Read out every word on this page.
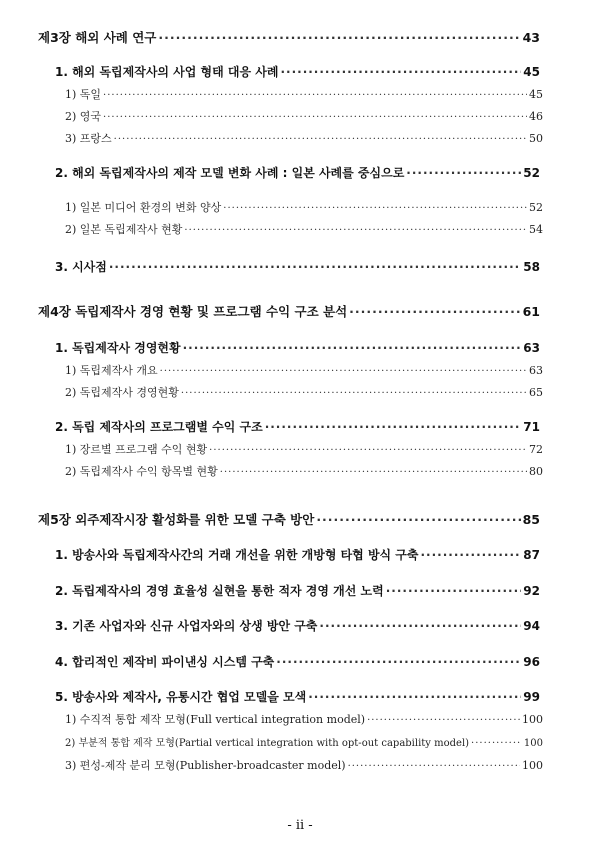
제3장 해외 사례 연구 ·····	43
1. 해외 독립제작사의 사업 형태 대응 사례 ·····	45
1) 독일 ·····	45
2) 영국 ·····	46
3) 프랑스 ·····	50
2. 해외 독립제작사의 제작 모델 변화 사례 : 일본 사례를 중심으로 ·····	52
1) 일본 미디어 환경의 변화 양상 ·····	52
2) 일본 독립제작사 현황 ·····	54
3. 시사점 ·····	58
제4장 독립제작사 경영 현황 및 프로그램 수익 구조 분석 ·····	61
1. 독립제작사 경영현황 ·····	63
1) 독립제작사 개요 ·····	63
2) 독립제작사 경영현황 ·····	65
2. 독립 제작사의 프로그램별 수익 구조 ·····	71
1) 장르별 프로그램 수익 현황 ·····	72
2) 독립제작사 수익 항목별 현황 ·····	80
제5장 외주제작시장 활성화를 위한 모델 구축 방안 ·····	85
1. 방송사와 독립제작사간의 거래 개선을 위한 개방형 타협 방식 구축 ·····	87
2. 독립제작사의 경영 효율성 실현을 통한 적자 경영 개선 노력 ·····	92
3. 기존 사업자와 신규 사업자와의 상생 방안 구축 ·····	94
4. 합리적인 제작비 파이낸싱 시스템 구축 ·····	96
5. 방송사와 제작사, 유통시간 협업 모델을 모색 ·····	99
1) 수직적 통합 제작 모형(Full vertical integration model) ·····	100
2) 부분적 통합 제작 모형(Partial vertical integration with opt-out capability model) ·····	100
3) 편성-제작 분리 모형(Publisher-broadcaster model) ·····	100
- ii -
